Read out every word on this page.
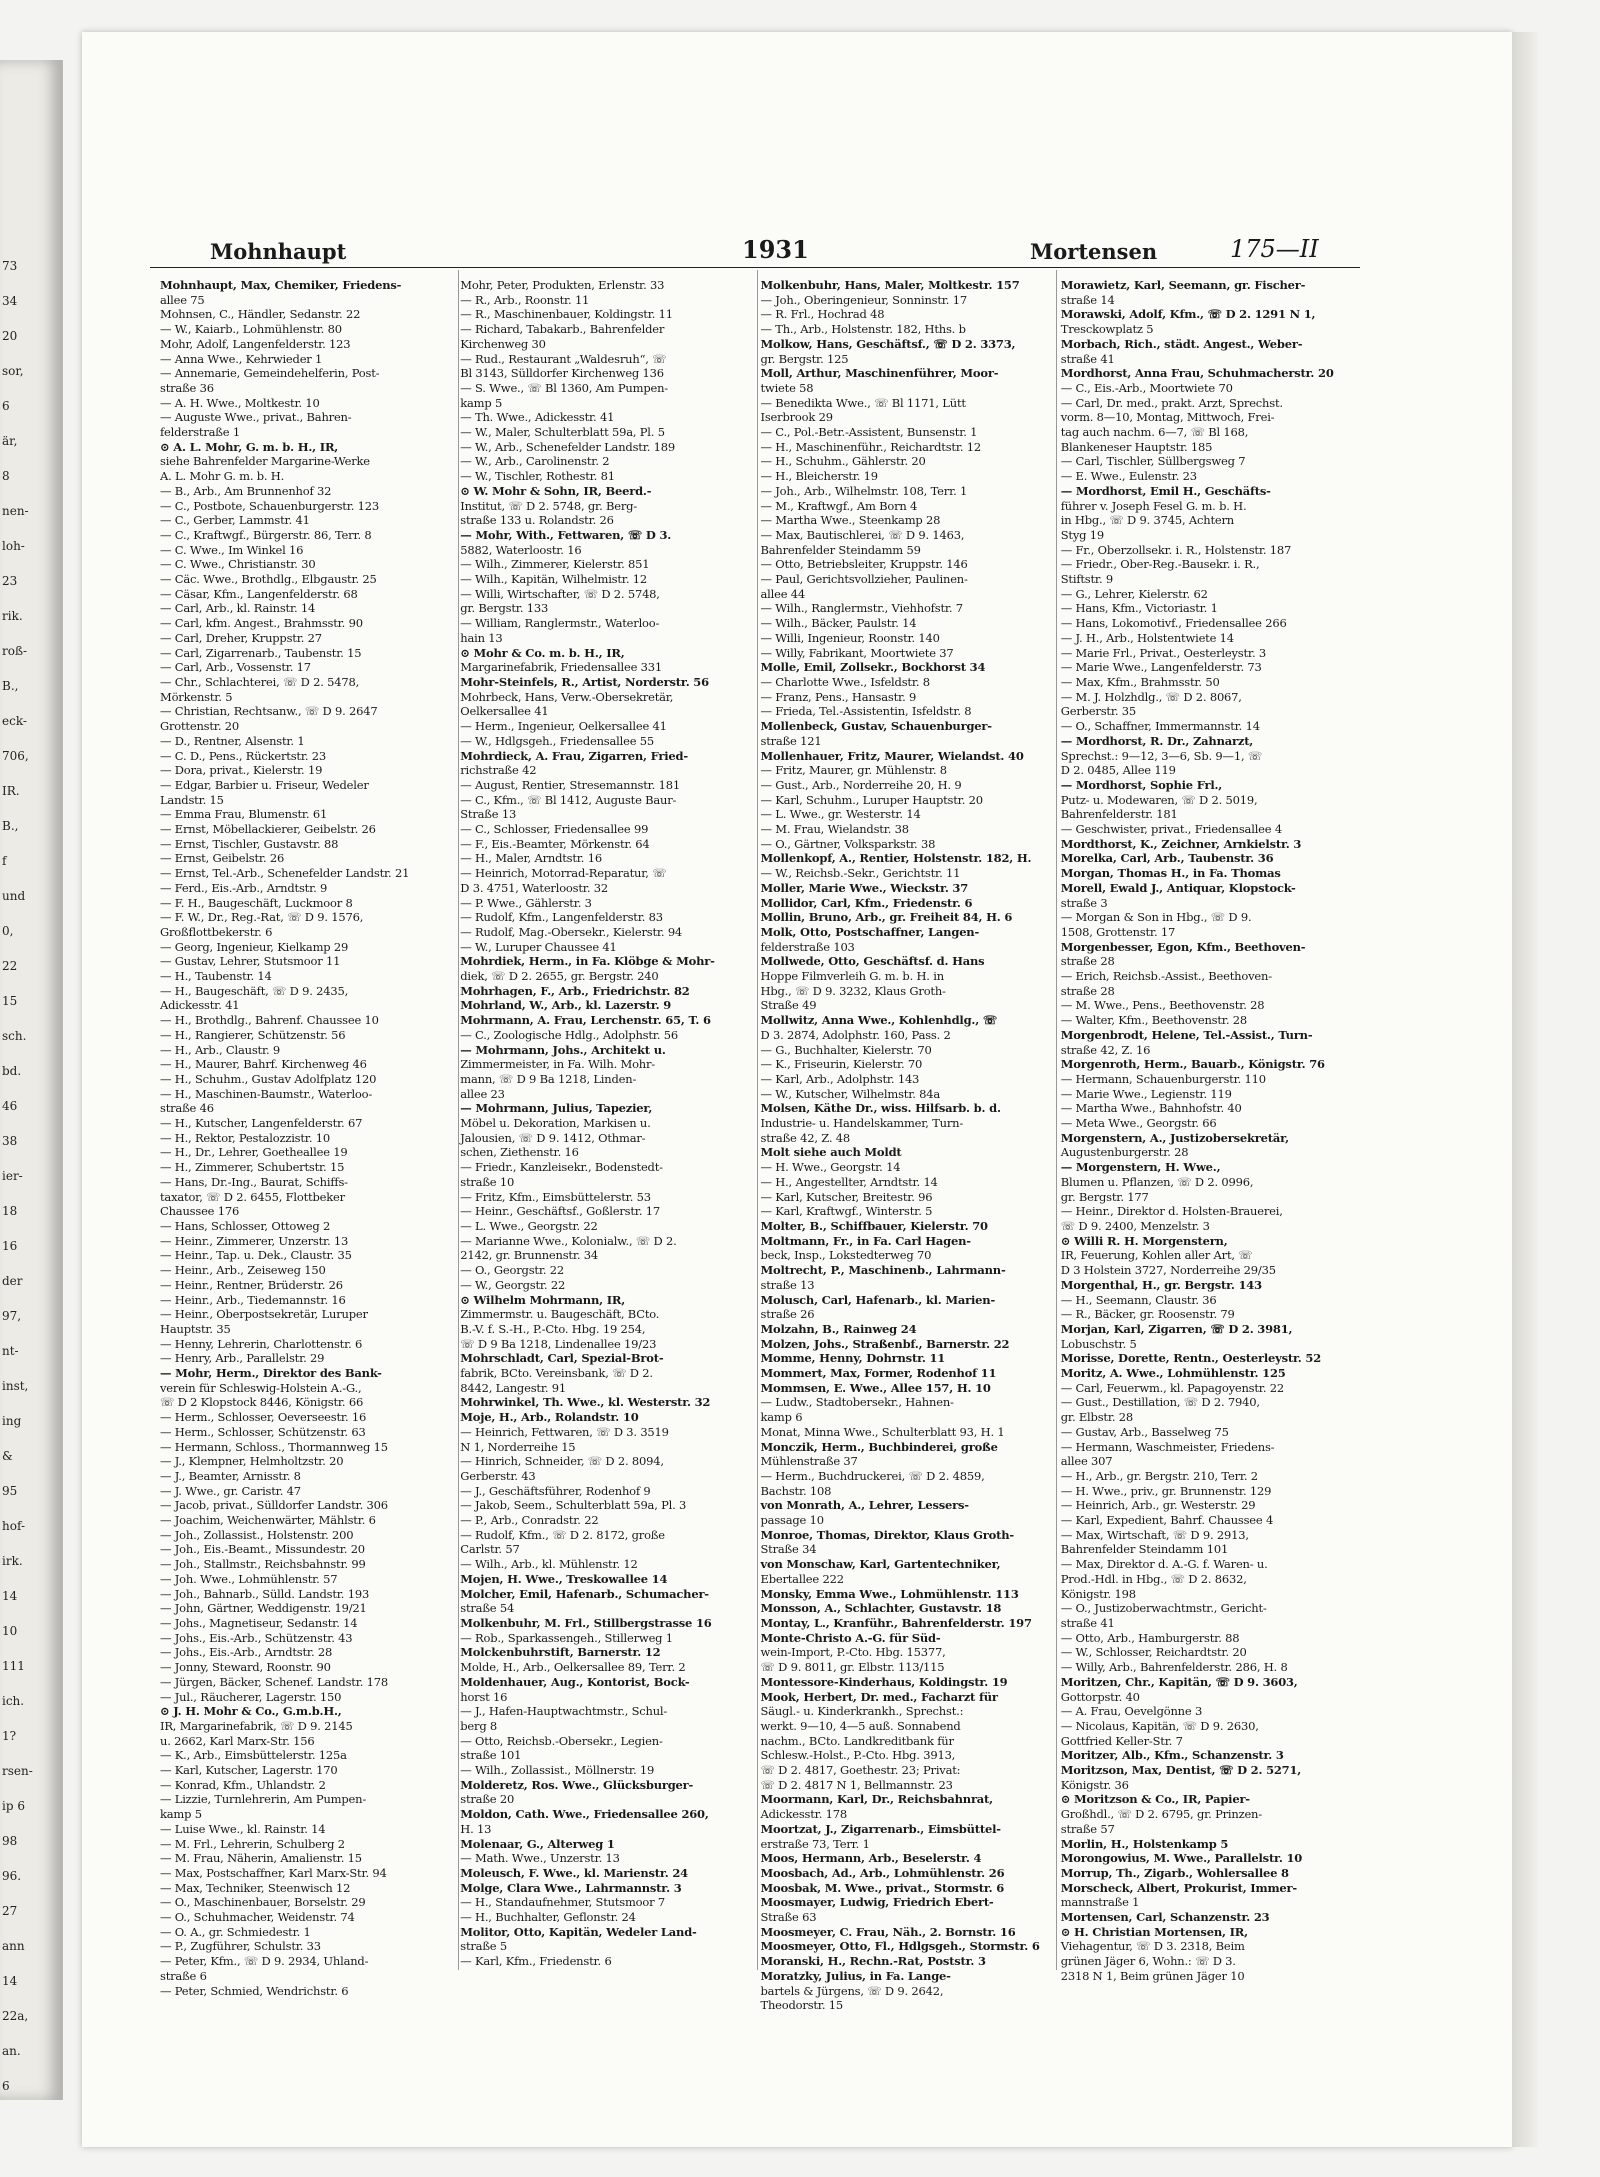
73
34
20
sor,
6
är,
8
nen-
loh-
23
rik.
roß-
B.,
eck-
706,
IR.
B.,
f
und
0,
22
15
sch.
bd.
46
38
ier-
18
16
der
97,
nt-
inst,
ing
&
95
hof-
irk.
14
10
111
ich.
1?
rsen-
ip 6
98
96.
27
ann
14
22a,
an.
6
Mohnhaupt	1931	Mortensen	175—II
Mohnhaupt, Max, Chemiker, Friedens-
allee 75
Mohnsen, C., Händler, Sedanstr. 22
— W., Kaiarb., Lohmühlenstr. 80
Mohr, Adolf, Langenfelderstr. 123
— Anna Wwe., Kehrwieder 1
— Annemarie, Gemeindehelferin, Post-
straße 36
— A. H. Wwe., Moltkestr. 10
— Auguste Wwe., privat., Bahren-
felderstraße 1
⊙ A. L. Mohr, G. m. b. H., IR,
siehe Bahrenfelder Margarine-Werke
A. L. Mohr G. m. b. H.
— B., Arb., Am Brunnenhof 32
— C., Postbote, Schauenburgerstr. 123
— C., Gerber, Lammstr. 41
— C., Kraftwgf., Bürgerstr. 86, Terr. 8
— C. Wwe., Im Winkel 16
— C. Wwe., Christianstr. 30
— Cäc. Wwe., Brothdlg., Elbgaustr. 25
— Cäsar, Kfm., Langenfelderstr. 68
— Carl, Arb., kl. Rainstr. 14
— Carl, kfm. Angest., Brahmsstr. 90
— Carl, Dreher, Kruppstr. 27
— Carl, Zigarrenarb., Taubenstr. 15
— Carl, Arb., Vossenstr. 17
— Chr., Schlachterei, ☏ D 2. 5478,
Mörkenstr. 5
— Christian, Rechtsanw., ☏ D 9. 2647
Grottenstr. 20
— D., Rentner, Alsenstr. 1
— C. D., Pens., Rückertstr. 23
— Dora, privat., Kielerstr. 19
— Edgar, Barbier u. Friseur, Wedeler
Landstr. 15
— Emma Frau, Blumenstr. 61
— Ernst, Möbellackierer, Geibelstr. 26
— Ernst, Tischler, Gustavstr. 88
— Ernst, Geibelstr. 26
— Ernst, Tel.-Arb., Schenefelder Landstr. 21
— Ferd., Eis.-Arb., Arndtstr. 9
— F. H., Baugeschäft, Luckmoor 8
— F. W., Dr., Reg.-Rat, ☏ D 9. 1576,
Großflottbekerstr. 6
— Georg, Ingenieur, Kielkamp 29
— Gustav, Lehrer, Stutsmoor 11
— H., Taubenstr. 14
— H., Baugeschäft, ☏ D 9. 2435,
Adickesstr. 41
— H., Brothdlg., Bahrenf. Chaussee 10
— H., Rangierer, Schützenstr. 56
— H., Arb., Claustr. 9
— H., Maurer, Bahrf. Kirchenweg 46
— H., Schuhm., Gustav Adolfplatz 120
— H., Maschinen-Baumstr., Waterloo-
straße 46
— H., Kutscher, Langenfelderstr. 67
— H., Rektor, Pestalozzistr. 10
— H., Dr., Lehrer, Goetheallee 19
— H., Zimmerer, Schubertstr. 15
— Hans, Dr.-Ing., Baurat, Schiffs-
taxator, ☏ D 2. 6455, Flottbeker
Chaussee 176
— Hans, Schlosser, Ottoweg 2
— Heinr., Zimmerer, Unzerstr. 13
— Heinr., Tap. u. Dek., Claustr. 35
— Heinr., Arb., Zeiseweg 150
— Heinr., Rentner, Brüderstr. 26
— Heinr., Arb., Tiedemannstr. 16
— Heinr., Oberpostsekretär, Luruper
Hauptstr. 35
— Henny, Lehrerin, Charlottenstr. 6
— Henry, Arb., Parallelstr. 29
— Mohr, Herm., Direktor des Bank-
verein für Schleswig-Holstein A.-G.,
☏ D 2 Klopstock 8446, Königstr. 66
— Herm., Schlosser, Oeverseestr. 16
— Herm., Schlosser, Schützenstr. 63
— Hermann, Schloss., Thormannweg 15
— J., Klempner, Helmholtzstr. 20
— J., Beamter, Arnisstr. 8
— J. Wwe., gr. Caristr. 47
— Jacob, privat., Sülldorfer Landstr. 306
— Joachim, Weichenwärter, Mählstr. 6
— Joh., Zollassist., Holstenstr. 200
— Joh., Eis.-Beamt., Missundestr. 20
— Joh., Stallmstr., Reichsbahnstr. 99
— Joh. Wwe., Lohmühlenstr. 57
— Joh., Bahnarb., Sülld. Landstr. 193
— John, Gärtner, Weddigenstr. 19/21
— Johs., Magnetiseur, Sedanstr. 14
— Johs., Eis.-Arb., Schützenstr. 43
— Johs., Eis.-Arb., Arndtstr. 28
— Jonny, Steward, Roonstr. 90
— Jürgen, Bäcker, Schenef. Landstr. 178
— Jul., Räucherer, Lagerstr. 150
⊙ J. H. Mohr & Co., G.m.b.H.,
IR, Margarinefabrik, ☏ D 9. 2145
u. 2662, Karl Marx-Str. 156
— K., Arb., Eimsbüttelerstr. 125a
— Karl, Kutscher, Lagerstr. 170
— Konrad, Kfm., Uhlandstr. 2
— Lizzie, Turnlehrerin, Am Pumpen-
kamp 5
— Luise Wwe., kl. Rainstr. 14
— M. Frl., Lehrerin, Schulberg 2
— M. Frau, Näherin, Amalienstr. 15
— Max, Postschaffner, Karl Marx-Str. 94
— Max, Techniker, Steenwisch 12
— O., Maschinenbauer, Borselstr. 29
— O., Schuhmacher, Weidenstr. 74
— O. A., gr. Schmiedestr. 1
— P., Zugführer, Schulstr. 33
— Peter, Kfm., ☏ D 9. 2934, Uhland-
straße 6
— Peter, Schmied, Wendrichstr. 6
Mohr, Peter, Produkten, Erlenstr. 33
— R., Arb., Roonstr. 11
— R., Maschinenbauer, Koldingstr. 11
— Richard, Tabakarb., Bahrenfelder
Kirchenweg 30
— Rud., Restaurant „Waldesruh“, ☏
Bl 3143, Sülldorfer Kirchenweg 136
— S. Wwe., ☏ Bl 1360, Am Pumpen-
kamp 5
— Th. Wwe., Adickesstr. 41
— W., Maler, Schulterblatt 59a, Pl. 5
— W., Arb., Schenefelder Landstr. 189
— W., Arb., Carolinenstr. 2
— W., Tischler, Rothestr. 81
⊙ W. Mohr & Sohn, IR, Beerd.-
Institut, ☏ D 2. 5748, gr. Berg-
straße 133 u. Rolandstr. 26
— Mohr, With., Fettwaren, ☏ D 3.
5882, Waterloostr. 16
— Wilh., Zimmerer, Kielerstr. 851
— Wilh., Kapitän, Wilhelmistr. 12
— Willi, Wirtschafter, ☏ D 2. 5748,
gr. Bergstr. 133
— William, Ranglermstr., Waterloo-
hain 13
⊙ Mohr & Co. m. b. H., IR,
Margarinefabrik, Friedensallee 331
Mohr-Steinfels, R., Artist, Norderstr. 56
Mohrbeck, Hans, Verw.-Obersekretär,
Oelkersallee 41
— Herm., Ingenieur, Oelkersallee 41
— W., Hdlgsgeh., Friedensallee 55
Mohrdieck, A. Frau, Zigarren, Fried-
richstraße 42
— August, Rentier, Stresemannstr. 181
— C., Kfm., ☏ Bl 1412, Auguste Baur-
Straße 13
— C., Schlosser, Friedensallee 99
— F., Eis.-Beamter, Mörkenstr. 64
— H., Maler, Arndtstr. 16
— Heinrich, Motorrad-Reparatur, ☏
D 3. 4751, Waterloostr. 32
— P. Wwe., Gählerstr. 3
— Rudolf, Kfm., Langenfelderstr. 83
— Rudolf, Mag.-Obersekr., Kielerstr. 94
— W., Luruper Chaussee 41
Mohrdiek, Herm., in Fa. Klöbge & Mohr-
diek, ☏ D 2. 2655, gr. Bergstr. 240
Mohrhagen, F., Arb., Friedrichstr. 82
Mohrland, W., Arb., kl. Lazerstr. 9
Mohrmann, A. Frau, Lerchenstr. 65, T. 6
— C., Zoologische Hdlg., Adolphstr. 56
— Mohrmann, Johs., Architekt u.
Zimmermeister, in Fa. Wilh. Mohr-
mann, ☏ D 9 Ba 1218, Linden-
allee 23
— Mohrmann, Julius, Tapezier,
Möbel u. Dekoration, Markisen u.
Jalousien, ☏ D 9. 1412, Othmar-
schen, Ziethenstr. 16
— Friedr., Kanzleisekr., Bodenstedt-
straße 10
— Fritz, Kfm., Eimsbüttelerstr. 53
— Heinr., Geschäftsf., Goßlerstr. 17
— L. Wwe., Georgstr. 22
— Marianne Wwe., Kolonialw., ☏ D 2.
2142, gr. Brunnenstr. 34
— O., Georgstr. 22
— W., Georgstr. 22
⊙ Wilhelm Mohrmann, IR,
Zimmermstr. u. Baugeschäft, BCto.
B.-V. f. S.-H., P.-Cto. Hbg. 19 254,
☏ D 9 Ba 1218, Lindenallee 19/23
Mohrschladt, Carl, Spezial-Brot-
fabrik, BCto. Vereinsbank, ☏ D 2.
8442, Langestr. 91
Mohrwinkel, Th. Wwe., kl. Westerstr. 32
Moje, H., Arb., Rolandstr. 10
— Heinrich, Fettwaren, ☏ D 3. 3519
N 1, Norderreihe 15
— Hinrich, Schneider, ☏ D 2. 8094,
Gerberstr. 43
— J., Geschäftsführer, Rodenhof 9
— Jakob, Seem., Schulterblatt 59a, Pl. 3
— P., Arb., Conradstr. 22
— Rudolf, Kfm., ☏ D 2. 8172, große
Carlstr. 57
— Wilh., Arb., kl. Mühlenstr. 12
Mojen, H. Wwe., Treskowallee 14
Molcher, Emil, Hafenarb., Schumacher-
straße 54
Molkenbuhr, M. Frl., Stillbergstrasse 16
— Rob., Sparkassengeh., Stillerweg 1
Molckenbuhrstift, Barnerstr. 12
Molde, H., Arb., Oelkersallee 89, Terr. 2
Moldenhauer, Aug., Kontorist, Bock-
horst 16
— J., Hafen-Hauptwachtmstr., Schul-
berg 8
— Otto, Reichsb.-Obersekr., Legien-
straße 101
— Wilh., Zollassist., Möllnerstr. 19
Molderetz, Ros. Wwe., Glücksburger-
straße 20
Moldon, Cath. Wwe., Friedensallee 260,
H. 13
Molenaar, G., Alterweg 1
— Math. Wwe., Unzerstr. 13
Moleusch, F. Wwe., kl. Marienstr. 24
Molge, Clara Wwe., Lahrmannstr. 3
— H., Standaufnehmer, Stutsmoor 7
— H., Buchhalter, Geflonstr. 24
Molitor, Otto, Kapitän, Wedeler Land-
straße 5
— Karl, Kfm., Friedenstr. 6
Molkenbuhr, Hans, Maler, Moltkestr. 157
— Joh., Oberingenieur, Sonninstr. 17
— R. Frl., Hochrad 48
— Th., Arb., Holstenstr. 182, Hths. b
Molkow, Hans, Geschäftsf., ☏ D 2. 3373,
gr. Bergstr. 125
Moll, Arthur, Maschinenführer, Moor-
twiete 58
— Benedikta Wwe., ☏ Bl 1171, Lütt
Iserbrook 29
— C., Pol.-Betr.-Assistent, Bunsenstr. 1
— H., Maschinenführ., Reichardtstr. 12
— H., Schuhm., Gählerstr. 20
— H., Bleicherstr. 19
— Joh., Arb., Wilhelmstr. 108, Terr. 1
— M., Kraftwgf., Am Born 4
— Martha Wwe., Steenkamp 28
— Max, Bautischlerei, ☏ D 9. 1463,
Bahrenfelder Steindamm 59
— Otto, Betriebsleiter, Kruppstr. 146
— Paul, Gerichtsvollzieher, Paulinen-
allee 44
— Wilh., Ranglermstr., Viehhofstr. 7
— Wilh., Bäcker, Paulstr. 14
— Willi, Ingenieur, Roonstr. 140
— Willy, Fabrikant, Moortwiete 37
Molle, Emil, Zollsekr., Bockhorst 34
— Charlotte Wwe., Isfeldstr. 8
— Franz, Pens., Hansastr. 9
— Frieda, Tel.-Assistentin, Isfeldstr. 8
Mollenbeck, Gustav, Schauenburger-
straße 121
Mollenhauer, Fritz, Maurer, Wielandst. 40
— Fritz, Maurer, gr. Mühlenstr. 8
— Gust., Arb., Norderreihe 20, H. 9
— Karl, Schuhm., Luruper Hauptstr. 20
— L. Wwe., gr. Westerstr. 14
— M. Frau, Wielandstr. 38
— O., Gärtner, Volksparkstr. 38
Mollenkopf, A., Rentier, Holstenstr. 182, H.
— W., Reichsb.-Sekr., Gerichtstr. 11
Moller, Marie Wwe., Wieckstr. 37
Mollidor, Carl, Kfm., Friedenstr. 6
Mollin, Bruno, Arb., gr. Freiheit 84, H. 6
Molk, Otto, Postschaffner, Langen-
felderstraße 103
Mollwede, Otto, Geschäftsf. d. Hans
Hoppe Filmverleih G. m. b. H. in
Hbg., ☏ D 9. 3232, Klaus Groth-
Straße 49
Mollwitz, Anna Wwe., Kohlenhdlg., ☏
D 3. 2874, Adolphstr. 160, Pass. 2
— G., Buchhalter, Kielerstr. 70
— K., Friseurin, Kielerstr. 70
— Karl, Arb., Adolphstr. 143
— W., Kutscher, Wilhelmstr. 84a
Molsen, Käthe Dr., wiss. Hilfsarb. b. d.
Industrie- u. Handelskammer, Turn-
straße 42, Z. 48
Molt siehe auch Moldt
— H. Wwe., Georgstr. 14
— H., Angestellter, Arndtstr. 14
— Karl, Kutscher, Breitestr. 96
— Karl, Kraftwgf., Winterstr. 5
Molter, B., Schiffbauer, Kielerstr. 70
Moltmann, Fr., in Fa. Carl Hagen-
beck, Insp., Lokstedterweg 70
Moltrecht, P., Maschinenb., Lahrmann-
straße 13
Molusch, Carl, Hafenarb., kl. Marien-
straße 26
Molzahn, B., Rainweg 24
Molzen, Johs., Straßenbf., Barnerstr. 22
Momme, Henny, Dohrnstr. 11
Mommert, Max, Former, Rodenhof 11
Mommsen, E. Wwe., Allee 157, H. 10
— Ludw., Stadtobersekr., Hahnen-
kamp 6
Monat, Minna Wwe., Schulterblatt 93, H. 1
Monczik, Herm., Buchbinderei, große
Mühlenstraße 37
— Herm., Buchdruckerei, ☏ D 2. 4859,
Bachstr. 108
von Monrath, A., Lehrer, Lessers-
passage 10
Monroe, Thomas, Direktor, Klaus Groth-
Straße 34
von Monschaw, Karl, Gartentechniker,
Ebertallee 222
Monsky, Emma Wwe., Lohmühlenstr. 113
Monsson, A., Schlachter, Gustavstr. 18
Montay, L., Kranführ., Bahrenfelderstr. 197
Monte-Christo A.-G. für Süd-
wein-Import, P.-Cto. Hbg. 15377,
☏ D 9. 8011, gr. Elbstr. 113/115
Montessore-Kinderhaus, Koldingstr. 19
Mook, Herbert, Dr. med., Facharzt für
Säugl.- u. Kinderkrankh., Sprechst.:
werkt. 9—10, 4—5 auß. Sonnabend
nachm., BCto. Landkreditbank für
Schlesw.-Holst., P.-Cto. Hbg. 3913,
☏ D 2. 4817, Goethestr. 23; Privat:
☏ D 2. 4817 N 1, Bellmannstr. 23
Moormann, Karl, Dr., Reichsbahnrat,
Adickesstr. 178
Moortzat, J., Zigarrenarb., Eimsbüttel-
erstraße 73, Terr. 1
Moos, Hermann, Arb., Beselerstr. 4
Moosbach, Ad., Arb., Lohmühlenstr. 26
Moosbak, M. Wwe., privat., Stormstr. 6
Moosmayer, Ludwig, Friedrich Ebert-
Straße 63
Moosmeyer, C. Frau, Näh., 2. Bornstr. 16
Moosmeyer, Otto, Fl., Hdlgsgeh., Stormstr. 6
Moranski, H., Rechn.-Rat, Poststr. 3
Moratzky, Julius, in Fa. Lange-
bartels & Jürgens, ☏ D 9. 2642,
Theodorstr. 15
Morawietz, Karl, Seemann, gr. Fischer-
straße 14
Morawski, Adolf, Kfm., ☏ D 2. 1291 N 1,
Tresckowplatz 5
Morbach, Rich., städt. Angest., Weber-
straße 41
Mordhorst, Anna Frau, Schuhmacherstr. 20
— C., Eis.-Arb., Moortwiete 70
— Carl, Dr. med., prakt. Arzt, Sprechst.
vorm. 8—10, Montag, Mittwoch, Frei-
tag auch nachm. 6—7, ☏ Bl 168,
Blankeneser Hauptstr. 185
— Carl, Tischler, Süllbergsweg 7
— E. Wwe., Eulenstr. 23
— Mordhorst, Emil H., Geschäfts-
führer v. Joseph Fesel G. m. b. H.
in Hbg., ☏ D 9. 3745, Achtern
Styg 19
— Fr., Oberzollsekr. i. R., Holstenstr. 187
— Friedr., Ober-Reg.-Bausekr. i. R.,
Stiftstr. 9
— G., Lehrer, Kielerstr. 62
— Hans, Kfm., Victoriastr. 1
— Hans, Lokomotivf., Friedensallee 266
— J. H., Arb., Holstentwiete 14
— Marie Frl., Privat., Oesterleystr. 3
— Marie Wwe., Langenfelderstr. 73
— Max, Kfm., Brahmsstr. 50
— M. J. Holzhdlg., ☏ D 2. 8067,
Gerberstr. 35
— O., Schaffner, Immermannstr. 14
— Mordhorst, R. Dr., Zahnarzt,
Sprechst.: 9—12, 3—6, Sb. 9—1, ☏
D 2. 0485, Allee 119
— Mordhorst, Sophie Frl.,
Putz- u. Modewaren, ☏ D 2. 5019,
Bahrenfelderstr. 181
— Geschwister, privat., Friedensallee 4
Mordthorst, K., Zeichner, Arnkielstr. 3
Morelka, Carl, Arb., Taubenstr. 36
Morgan, Thomas H., in Fa. Thomas
Morell, Ewald J., Antiquar, Klopstock-
straße 3
— Morgan & Son in Hbg., ☏ D 9.
1508, Grottenstr. 17
Morgenbesser, Egon, Kfm., Beethoven-
straße 28
— Erich, Reichsb.-Assist., Beethoven-
straße 28
— M. Wwe., Pens., Beethovenstr. 28
— Walter, Kfm., Beethovenstr. 28
Morgenbrodt, Helene, Tel.-Assist., Turn-
straße 42, Z. 16
Morgenroth, Herm., Bauarb., Königstr. 76
— Hermann, Schauenburgerstr. 110
— Marie Wwe., Legienstr. 119
— Martha Wwe., Bahnhofstr. 40
— Meta Wwe., Georgstr. 66
Morgenstern, A., Justizobersekretär,
Augustenburgerstr. 28
— Morgenstern, H. Wwe.,
Blumen u. Pflanzen, ☏ D 2. 0996,
gr. Bergstr. 177
— Heinr., Direktor d. Holsten-Brauerei,
☏ D 9. 2400, Menzelstr. 3
⊙ Willi R. H. Morgenstern,
IR, Feuerung, Kohlen aller Art, ☏
D 3 Holstein 3727, Norderreihe 29/35
Morgenthal, H., gr. Bergstr. 143
— H., Seemann, Claustr. 36
— R., Bäcker, gr. Roosenstr. 79
Morjan, Karl, Zigarren, ☏ D 2. 3981,
Lobuschstr. 5
Morisse, Dorette, Rentn., Oesterleystr. 52
Moritz, A. Wwe., Lohmühlenstr. 125
— Carl, Feuerwm., kl. Papagoyenstr. 22
— Gust., Destillation, ☏ D 2. 7940,
gr. Elbstr. 28
— Gustav, Arb., Basselweg 75
— Hermann, Waschmeister, Friedens-
allee 307
— H., Arb., gr. Bergstr. 210, Terr. 2
— H. Wwe., priv., gr. Brunnenstr. 129
— Heinrich, Arb., gr. Westerstr. 29
— Karl, Expedient, Bahrf. Chaussee 4
— Max, Wirtschaft, ☏ D 9. 2913,
Bahrenfelder Steindamm 101
— Max, Direktor d. A.-G. f. Waren- u.
Prod.-Hdl. in Hbg., ☏ D 2. 8632,
Königstr. 198
— O., Justizoberwachtmstr., Gericht-
straße 41
— Otto, Arb., Hamburgerstr. 88
— W., Schlosser, Reichardtstr. 20
— Willy, Arb., Bahrenfelderstr. 286, H. 8
Moritzen, Chr., Kapitän, ☏ D 9. 3603,
Gottorpstr. 40
— A. Frau, Oevelgönne 3
— Nicolaus, Kapitän, ☏ D 9. 2630,
Gottfried Keller-Str. 7
Moritzer, Alb., Kfm., Schanzenstr. 3
Moritzson, Max, Dentist, ☏ D 2. 5271,
Königstr. 36
⊙ Moritzson & Co., IR, Papier-
Großhdl., ☏ D 2. 6795, gr. Prinzen-
straße 57
Morlin, H., Holstenkamp 5
Morongowius, M. Wwe., Parallelstr. 10
Morrup, Th., Zigarb., Wohlersallee 8
Morscheck, Albert, Prokurist, Immer-
mannstraße 1
Mortensen, Carl, Schanzenstr. 23
⊙ H. Christian Mortensen, IR,
Viehagentur, ☏ D 3. 2318, Beim
grünen Jäger 6, Wohn.: ☏ D 3.
2318 N 1, Beim grünen Jäger 10
